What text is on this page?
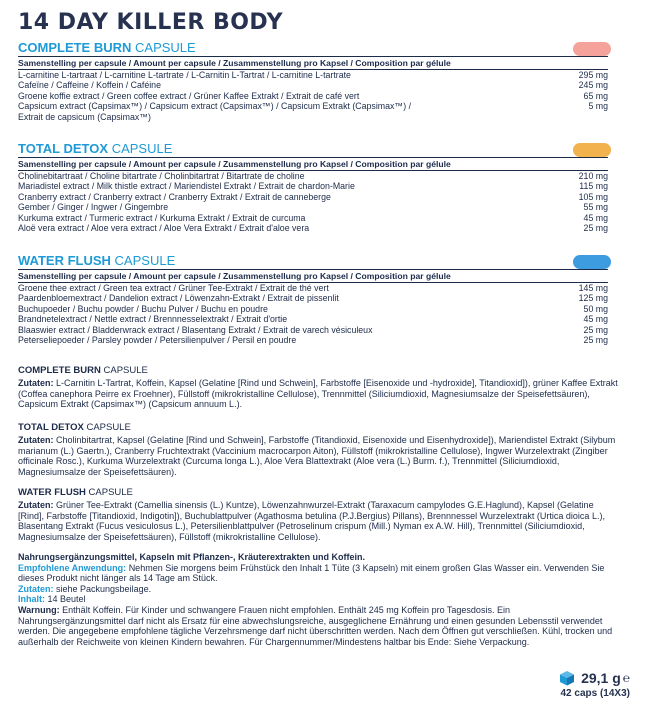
14 DAY KILLER BODY
COMPLETE BURN CAPSULE
Samenstelling per capsule / Amount per capsule / Zusammenstellung pro Kapsel / Composition par gélule
L-carnitine L-tartraat / L-carnitine L-tartrate / L-Carnitin L-Tartrat / L-carnitine L-tartrate	295 mg
Cafeïne / Caffeine / Koffein / Caféine	245 mg
Groene koffie extract / Green coffee extract / Grüner Kaffee Extrakt / Extrait de café vert	65 mg
Capsicum extract (Capsimax™) / Capsicum extract (Capsimax™) / Capsicum Extrakt (Capsimax™) /	5 mg
Extrait de capsicum (Capsimax™)
TOTAL DETOX CAPSULE
Samenstelling per capsule / Amount per capsule / Zusammenstellung pro Kapsel / Composition par gélule
Cholinebitartraat / Choline bitartrate / Cholinbitartrat / Bitartrate de choline	210 mg
Mariadistel extract / Milk thistle extract / Mariendistel Extrakt / Extrait de chardon-Marie	115 mg
Cranberry extract / Cranberry extract / Cranberry Extrakt / Extrait de canneberge	105 mg
Gember / Ginger / Ingwer / Gingembre	55 mg
Kurkuma extract / Turmeric extract / Kurkuma Extrakt / Extrait de curcuma	45 mg
Aloë vera extract / Aloe vera extract / Aloe Vera Extrakt / Extrait d'aloe vera	25 mg
WATER FLUSH CAPSULE
Samenstelling per capsule / Amount per capsule / Zusammenstellung pro Kapsel / Composition par gélule
Groene thee extract / Green tea extract / Grüner Tee-Extrakt / Extrait de thé vert	145 mg
Paardenbloemextract / Dandelion extract / Löwenzahn-Extrakt / Extrait de pissenlit	125 mg
Buchupoeder / Buchu powder / Buchu Pulver / Buchu en poudre	50 mg
Brandnetelextract / Nettle extract / Brennnesselextrakt / Extrait d'ortie	45 mg
Blaaswier extract / Bladderwrack extract / Blasentang Extrakt / Extrait de varech vésiculeux	25 mg
Peterseliepoeder / Parsley powder / Petersilienpulver / Persil en poudre	25 mg
COMPLETE BURN CAPSULE
Zutaten: L-Carnitin L-Tartrat, Koffein, Kapsel (Gelatine [Rind und Schwein], Farbstoffe [Eisenoxide und -hydroxide], Titandioxid]), grüner Kaffee Extrakt (Coffea canephora Peirre ex Froehner), Füllstoff (mikrokristalline Cellulose), Trennmittel (Siliciumdioxid, Magnesiumsalze der Speisefettsäuren), Capsicum Extrakt (Capsimax™) (Capsicum annuum L.).
TOTAL DETOX CAPSULE
Zutaten: Cholinbitartrat, Kapsel (Gelatine [Rind und Schwein], Farbstoffe (Titandioxid, Eisenoxide und Eisenhydroxide]), Mariendistel Extrakt (Silybum marianum (L.) Gaertn.), Cranberry Fruchtextrakt (Vaccinium macrocarpon Aiton), Füllstoff (mikrokristalline Cellulose), Ingwer Wurzelextrakt (Zingiber officinale Rosc.), Kurkuma Wurzelextrakt (Curcuma longa L.), Aloe Vera Blattextrakt (Aloe vera (L.) Burm. f.), Trennmittel (Siliciumdioxid, Magnesiumsalze der Speisefettsäuren).
WATER FLUSH CAPSULE
Zutaten: Grüner Tee-Extrakt (Camellia sinensis (L.) Kuntze), Löwenzahnwurzel-Extrakt (Taraxacum campylodes G.E.Haglund), Kapsel (Gelatine [Rind], Farbstoffe [Titandioxid, Indigotin]), Buchublattpulver (Agathosma betulina (P.J.Bergius) Pillans), Brennnessel Wurzelextrakt (Urtica dioica L.), Blasentang Extrakt (Fucus vesiculosus L.), Petersilienblattpulver (Petroselinum crispum (Mill.) Nyman ex A.W. Hill), Trennmittel (Siliciumdioxid, Magnesiumsalze der Speisefettsäuren), Füllstoff (mikrokristalline Cellulose).
Nahrungsergänzungsmittel, Kapseln mit Pflanzen-, Kräuterextrakten und Koffein.
Empfohlene Anwendung: Nehmen Sie morgens beim Frühstück den Inhalt 1 Tüte (3 Kapseln) mit einem großen Glas Wasser ein. Verwenden Sie dieses Produkt nicht länger als 14 Tage am Stück.
Zutaten: siehe Packungsbeilage.
Inhalt: 14 Beutel
Warnung: Enthält Koffein. Für Kinder und schwangere Frauen nicht empfohlen. Enthält 245 mg Koffein pro Tagesdosis. Ein Nahrungsergänzungsmittel darf nicht als Ersatz für eine abwechslungsreiche, ausgeglichene Ernährung und einen gesunden Lebensstil verwendet werden. Die angegebene empfohlene tägliche Verzehrsmenge darf nicht überschritten werden. Nach dem Öffnen gut verschließen. Kühl, trocken und außerhalb der Reichweite von kleinen Kindern bewahren. Für Chargennummer/Mindestens haltbar bis Ende: Siehe Verpackung.
29,1 g ℮
42 caps (14X3)
